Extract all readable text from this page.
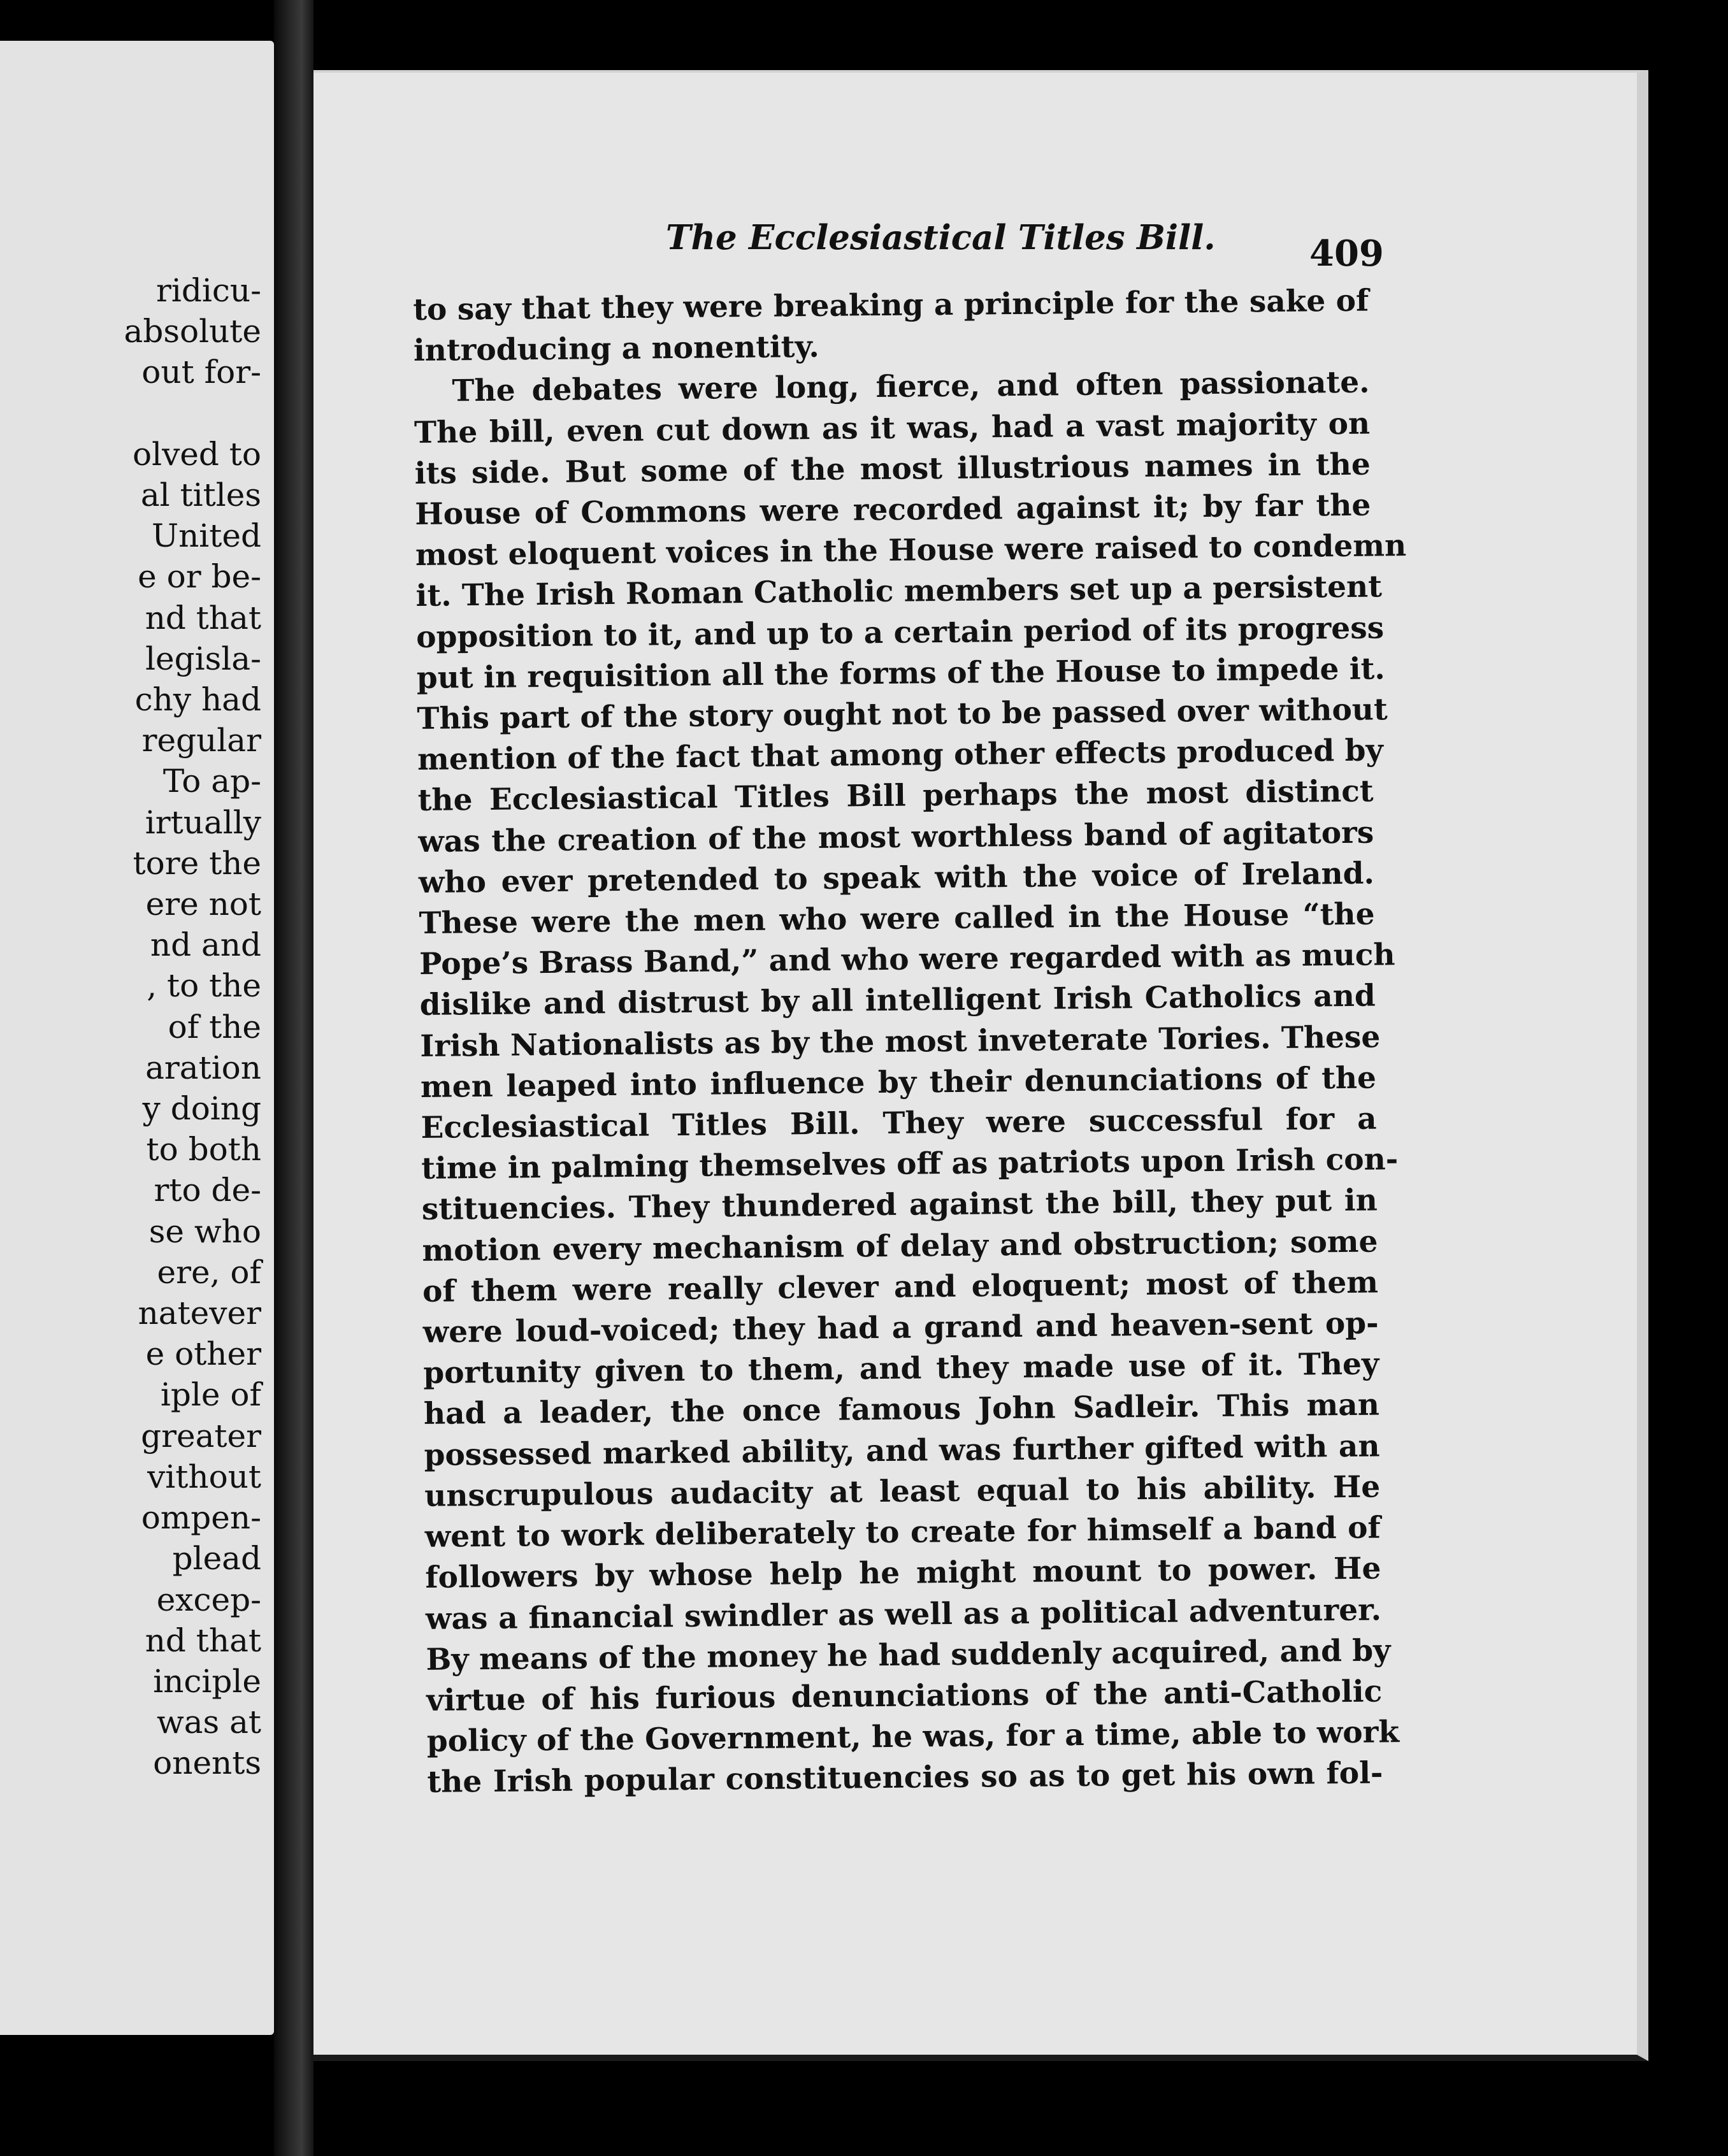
ridicu-
absolute
out for-

olved to
al titles
United
e or be-
nd that
legisla-
chy had
regular
To ap-
irtually
tore the
ere not
nd and
, to the
of the
aration
y doing
to both
rto de-
se who
ere, of
natever
e other
iple of
greater
vithout
ompen-
plead
excep-
nd that
inciple
was at
onents
The Ecclesiastical Titles Bill.	409
to say that they were breaking a principle for the sake of
introducing a nonentity.
The debates were long, fierce, and often passionate.
The bill, even cut down as it was, had a vast majority on
its side. But some of the most illustrious names in the
House of Commons were recorded against it; by far the
most eloquent voices in the House were raised to condemn
it. The Irish Roman Catholic members set up a persistent
opposition to it, and up to a certain period of its progress
put in requisition all the forms of the House to impede it.
This part of the story ought not to be passed over without
mention of the fact that among other effects produced by
the Ecclesiastical Titles Bill perhaps the most distinct
was the creation of the most worthless band of agitators
who ever pretended to speak with the voice of Ireland.
These were the men who were called in the House “the
Pope’s Brass Band,” and who were regarded with as much
dislike and distrust by all intelligent Irish Catholics and
Irish Nationalists as by the most inveterate Tories. These
men leaped into influence by their denunciations of the
Ecclesiastical Titles Bill. They were successful for a
time in palming themselves off as patriots upon Irish con-
stituencies. They thundered against the bill, they put in
motion every mechanism of delay and obstruction; some
of them were really clever and eloquent; most of them
were loud-voiced; they had a grand and heaven-sent op-
portunity given to them, and they made use of it. They
had a leader, the once famous John Sadleir. This man
possessed marked ability, and was further gifted with an
unscrupulous audacity at least equal to his ability. He
went to work deliberately to create for himself a band of
followers by whose help he might mount to power. He
was a financial swindler as well as a political adventurer.
By means of the money he had suddenly acquired, and by
virtue of his furious denunciations of the anti-Catholic
policy of the Government, he was, for a time, able to work
the Irish popular constituencies so as to get his own fol-
